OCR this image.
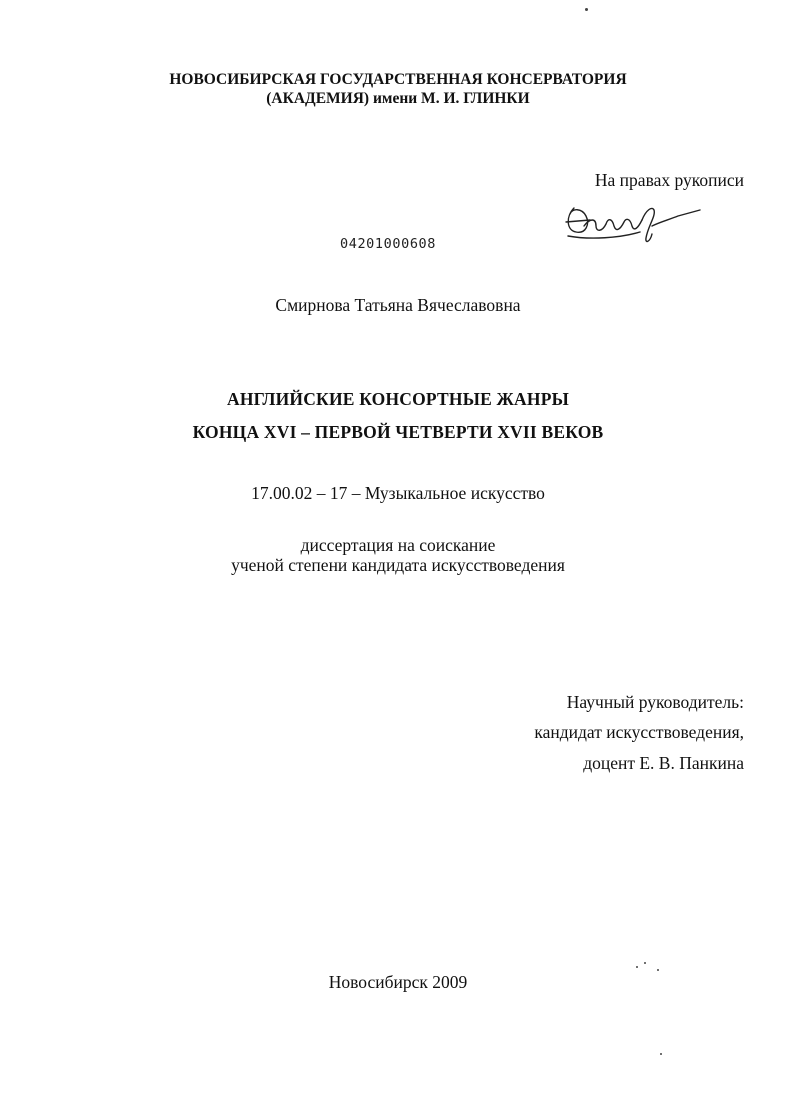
НОВОСИБИРСКАЯ ГОСУДАРСТВЕННАЯ КОНСЕРВАТОРИЯ
(АКАДЕМИЯ) имени М. И. ГЛИНКИ
На правах рукописи
04201000608
Смирнова Татьяна Вячеславовна
АНГЛИЙСКИЕ КОНСОРТНЫЕ ЖАНРЫ
КОНЦА XVI – ПЕРВОЙ ЧЕТВЕРТИ XVII ВЕКОВ
17.00.02 – 17 – Музыкальное искусство
диссертация на соискание
ученой степени кандидата искусствоведения
Научный руководитель:
кандидат искусствоведения,
доцент Е. В. Панкина
Новосибирск 2009
